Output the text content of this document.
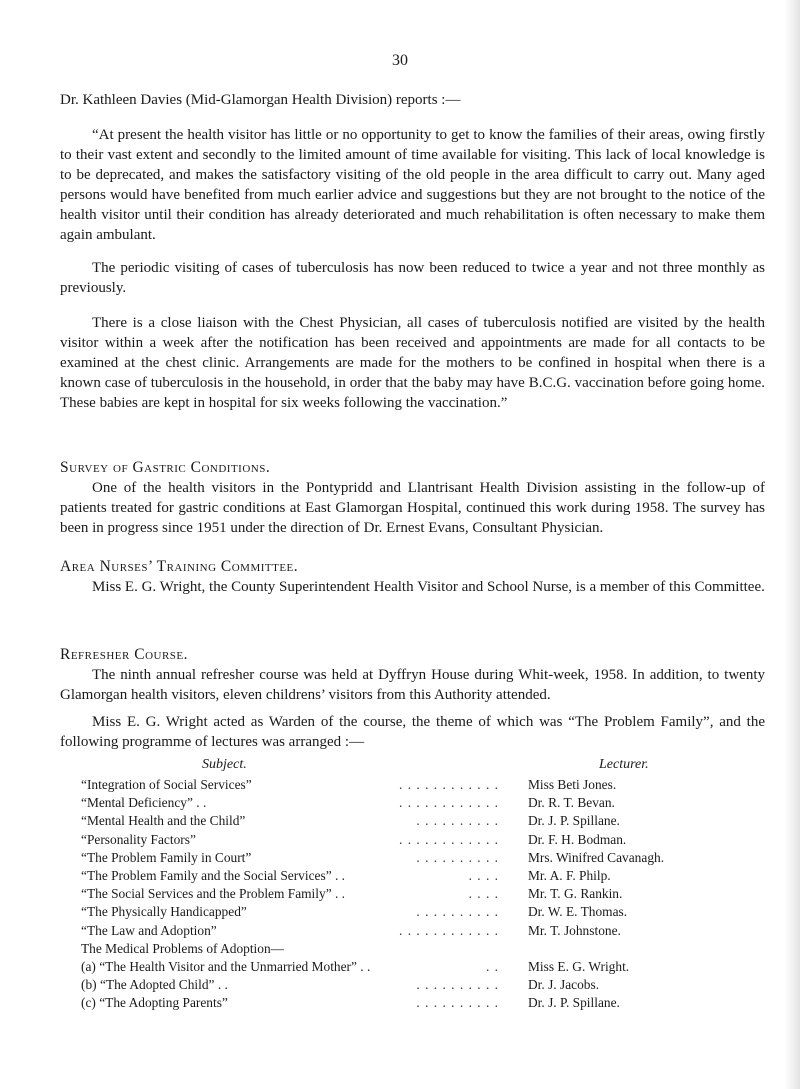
30
Dr. Kathleen Davies (Mid-Glamorgan Health Division) reports :—

“At present the health visitor has little or no opportunity to get to know the families of their areas, owing firstly to their vast extent and secondly to the limited amount of time available for visiting. This lack of local knowledge is to be deprecated, and makes the satisfactory visiting of the old people in the area difficult to carry out. Many aged persons would have benefited from much earlier advice and suggestions but they are not brought to the notice of the health visitor until their condition has already deteriorated and much rehabilitation is often necessary to make them again ambulant.

The periodic visiting of cases of tuberculosis has now been reduced to twice a year and not three monthly as previously.

There is a close liaison with the Chest Physician, all cases of tuberculosis notified are visited by the health visitor within a week after the notification has been received and appointments are made for all contacts to be examined at the chest clinic. Arrangements are made for the mothers to be confined in hospital when there is a known case of tuberculosis in the household, in order that the baby may have B.C.G. vaccination before going home. These babies are kept in hospital for six weeks following the vaccination.”

Survey of Gastric Conditions.

One of the health visitors in the Pontypridd and Llantrisant Health Division assisting in the follow-up of patients treated for gastric conditions at East Glamorgan Hospital, continued this work during 1958. The survey has been in progress since 1951 under the direction of Dr. Ernest Evans, Consultant Physician.

Area Nurses’ Training Committee.

Miss E. G. Wright, the County Superintendent Health Visitor and School Nurse, is a member of this Committee.

Refresher Course.

The ninth annual refresher course was held at Dyffryn House during Whit-week, 1958. In addition, to twenty Glamorgan health visitors, eleven childrens’ visitors from this Authority attended.

Miss E. G. Wright acted as Warden of the course, the theme of which was “The Problem Family”, and the following programme of lectures was arranged :—

Subject.	Lecturer.
“Integration of Social Services”	. . . . . . . . . . . . Miss Beti Jones.
“Mental Deficiency” . .	. . . . . . . . . . . . Dr. R. T. Bevan.
“Mental Health and the Child”	. . . . . . . . . . Dr. J. P. Spillane.
“Personality Factors”	. . . . . . . . . . . . Dr. F. H. Bodman.
“The Problem Family in Court”	. . . . . . . . . . Mrs. Winifred Cavanagh.
“The Problem Family and the Social Services” . .	. . . . Mr. A. F. Philp.
“The Social Services and the Problem Family” . .	. . . . Mr. T. G. Rankin.
“The Physically Handicapped”	. . . . . . . . . . Dr. W. E. Thomas.
“The Law and Adoption”	. . . . . . . . . . . . Mr. T. Johnstone.
The Medical Problems of Adoption—
(a) “The Health Visitor and the Unmarried Mother” . .	. . Miss E. G. Wright.
(b) “The Adopted Child” . .	. . . . . . . . . . Dr. J. Jacobs.
(c) “The Adopting Parents”	. . . . . . . . . . Dr. J. P. Spillane.
